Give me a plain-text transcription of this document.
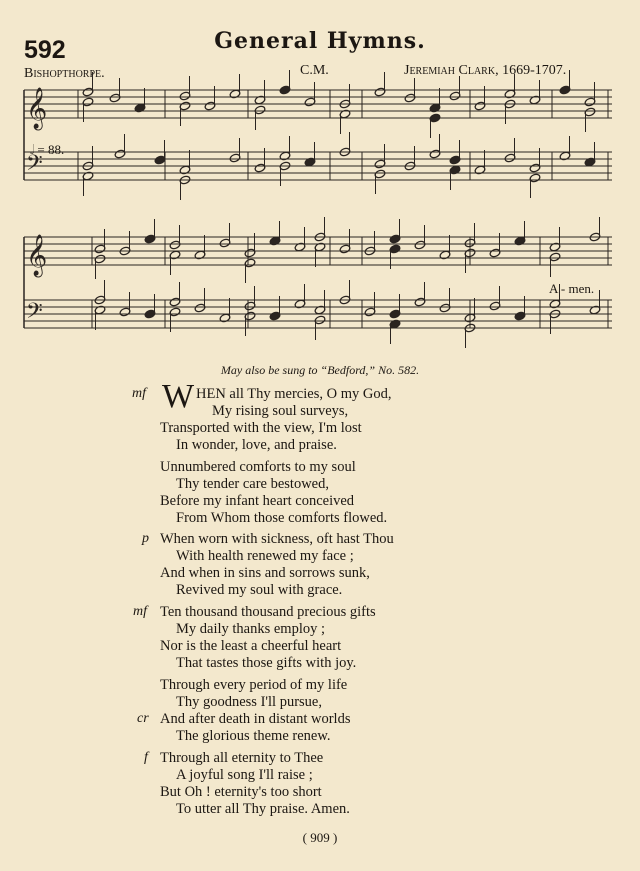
592	General Hymns.
Bishopthorpe.	C.M.	Jeremiah Clark, 1669-1707.
𝄞
𝄞
𝄢
𝄢
𝅗𝅥 = 88.
A - men.
May also be sung to “Bedford,” No. 582.
mf W HEN all Thy mercies, O my God,
My rising soul surveys,
Transported with the view, I'm lost
In wonder, love, and praise.
Unnumbered comforts to my soul
Thy tender care bestowed,
Before my infant heart conceived
From Whom those comforts flowed.
p When worn with sickness, oft hast Thou
With health renewed my face ;
And when in sins and sorrows sunk,
Revived my soul with grace.
mf Ten thousand thousand precious gifts
My daily thanks employ ;
Nor is the least a cheerful heart
That tastes those gifts with joy.
Through every period of my life
Thy goodness I'll pursue,
cr And after death in distant worlds
The glorious theme renew.
f Through all eternity to Thee
A joyful song I'll raise ;
But Oh ! eternity's too short
To utter all Thy praise. Amen.
( 909 )
